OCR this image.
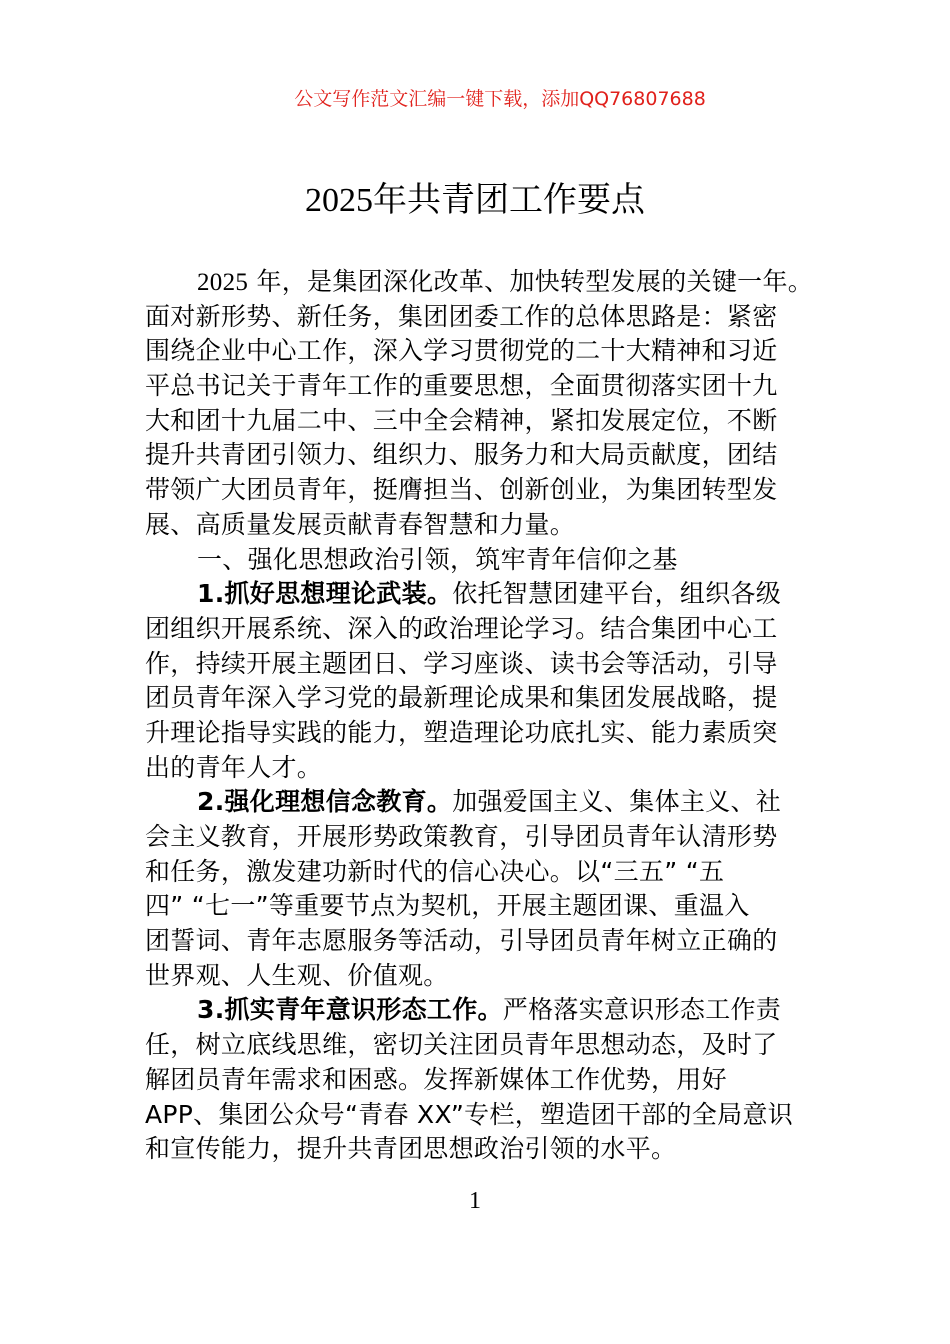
公文写作范文汇编一键下载，添加QQ76807688
2025年共青团工作要点
2025 年，是集团深化改革、加快转型发展的关键一年。
面对新形势、新任务，集团团委工作的总体思路是：紧密
围绕企业中心工作，深入学习贯彻党的二十大精神和习近
平总书记关于青年工作的重要思想，全面贯彻落实团十九
大和团十九届二中、三中全会精神，紧扣发展定位，不断
提升共青团引领力、组织力、服务力和大局贡献度，团结
带领广大团员青年，挺膺担当、创新创业，为集团转型发
展、高质量发展贡献青春智慧和力量。
一、强化思想政治引领，筑牢青年信仰之基
1.抓好思想理论武装。依托智慧团建平台，组织各级
团组织开展系统、深入的政治理论学习。结合集团中心工
作，持续开展主题团日、学习座谈、读书会等活动，引导
团员青年深入学习党的最新理论成果和集团发展战略，提
升理论指导实践的能力，塑造理论功底扎实、能力素质突
出的青年人才。
2.强化理想信念教育。加强爱国主义、集体主义、社
会主义教育，开展形势政策教育，引导团员青年认清形势
和任务，激发建功新时代的信心决心。以“三五” “五
四” “七一”等重要节点为契机，开展主题团课、重温入
团誓词、青年志愿服务等活动，引导团员青年树立正确的
世界观、人生观、价值观。
3.抓实青年意识形态工作。严格落实意识形态工作责
任，树立底线思维，密切关注团员青年思想动态，及时了
解团员青年需求和困惑。发挥新媒体工作优势，用好
APP、集团公众号“青春 XX”专栏，塑造团干部的全局意识
和宣传能力，提升共青团思想政治引领的水平。
1
